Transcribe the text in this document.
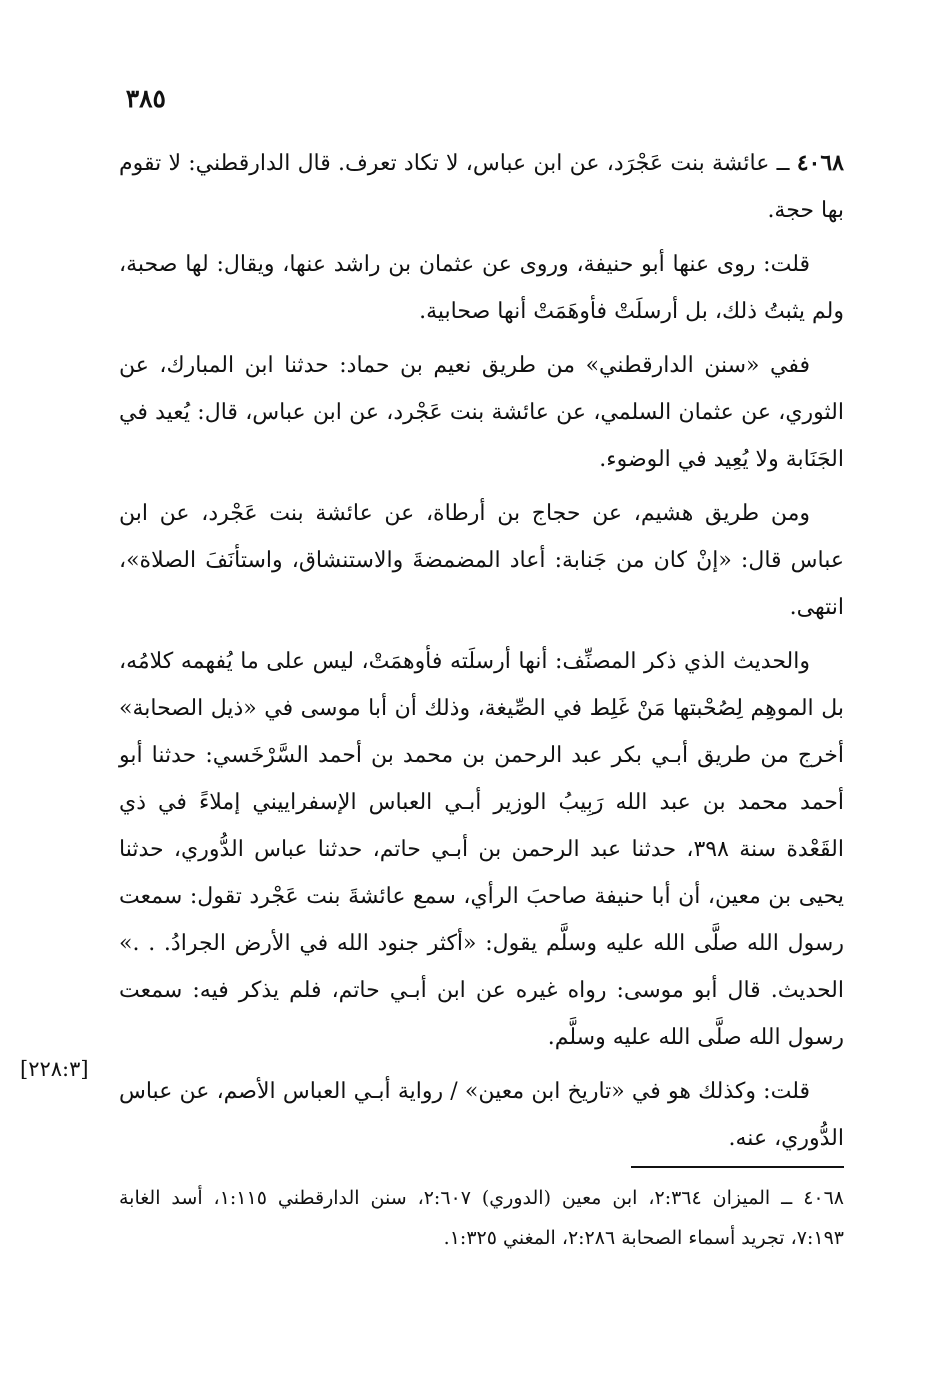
٣٨٥

٤٠٦٨ ــ عائشة بنت عَجْرَد، عن ابن عباس، لا تكاد تعرف. قال الدارقطني: لا تقوم بها حجة.

قلت: روى عنها أبو حنيفة، وروى عن عثمان بن راشد عنها، ويقال: لها صحبة، ولم يثبتُ ذلك، بل أرسلَتْ فأوهَمَتْ أنها صحابية.

ففي «سنن الدارقطني» من طريق نعيم بن حماد: حدثنا ابن المبارك، عن الثوري، عن عثمان السلمي، عن عائشة بنت عَجْرد، عن ابن عباس، قال: يُعيد في الجَنَابة ولا يُعِيد في الوضوء.

ومن طريق هشيم، عن حجاج بن أرطاة، عن عائشة بنت عَجْرد، عن ابن عباس قال: «إنْ كان من جَنابة: أعاد المضمضةَ والاستنشاق، واستأنَفَ الصلاة»، انتهى.

والحديث الذي ذكر المصنِّف: أنها أرسلَته فأوهمَتْ، ليس على ما يُفهمه كلامُه، بل الموهِم لِصُحْبتها مَنْ غَلِط في الصِّيغة، وذلك أن أبا موسى في «ذيل الصحابة» أخرج من طريق أبـي بكر عبد الرحمن بن محمد بن أحمد السَّرْخَسي: حدثنا أبو أحمد محمد بن عبد الله رَبِيبُ الوزير أبـي العباس الإسفراييني إملاءً في ذي القَعْدة سنة ٣٩٨، حدثنا عبد الرحمن بن أبـي حاتم، حدثنا عباس الدُّوري، حدثنا يحيى بن معين، أن أبا حنيفة صاحبَ الرأي، سمع عائشةَ بنت عَجْرد تقول: سمعت رسول الله صلَّى الله عليه وسلَّم يقول: «أكثر جنود الله في الأرض الجرادُ. . .» الحديث. قال أبو موسى: رواه غيره عن ابن أبـي حاتم، فلم يذكر فيه: سمعت رسول الله صلَّى الله عليه وسلَّم.

قلت: وكذلك هو في «تاريخ ابن معين» / رواية أبـي العباس الأصم، عن عباس الدُّوري، عنه.

[٢٢٨:٣]

٤٠٦٨ ــ الميزان ٢:٣٦٤، ابن معين (الدوري) ٢:٦٠٧، سنن الدارقطني ١:١١٥، أسد الغابة ٧:١٩٣، تجريد أسماء الصحابة ٢:٢٨٦، المغني ١:٣٢٥.
